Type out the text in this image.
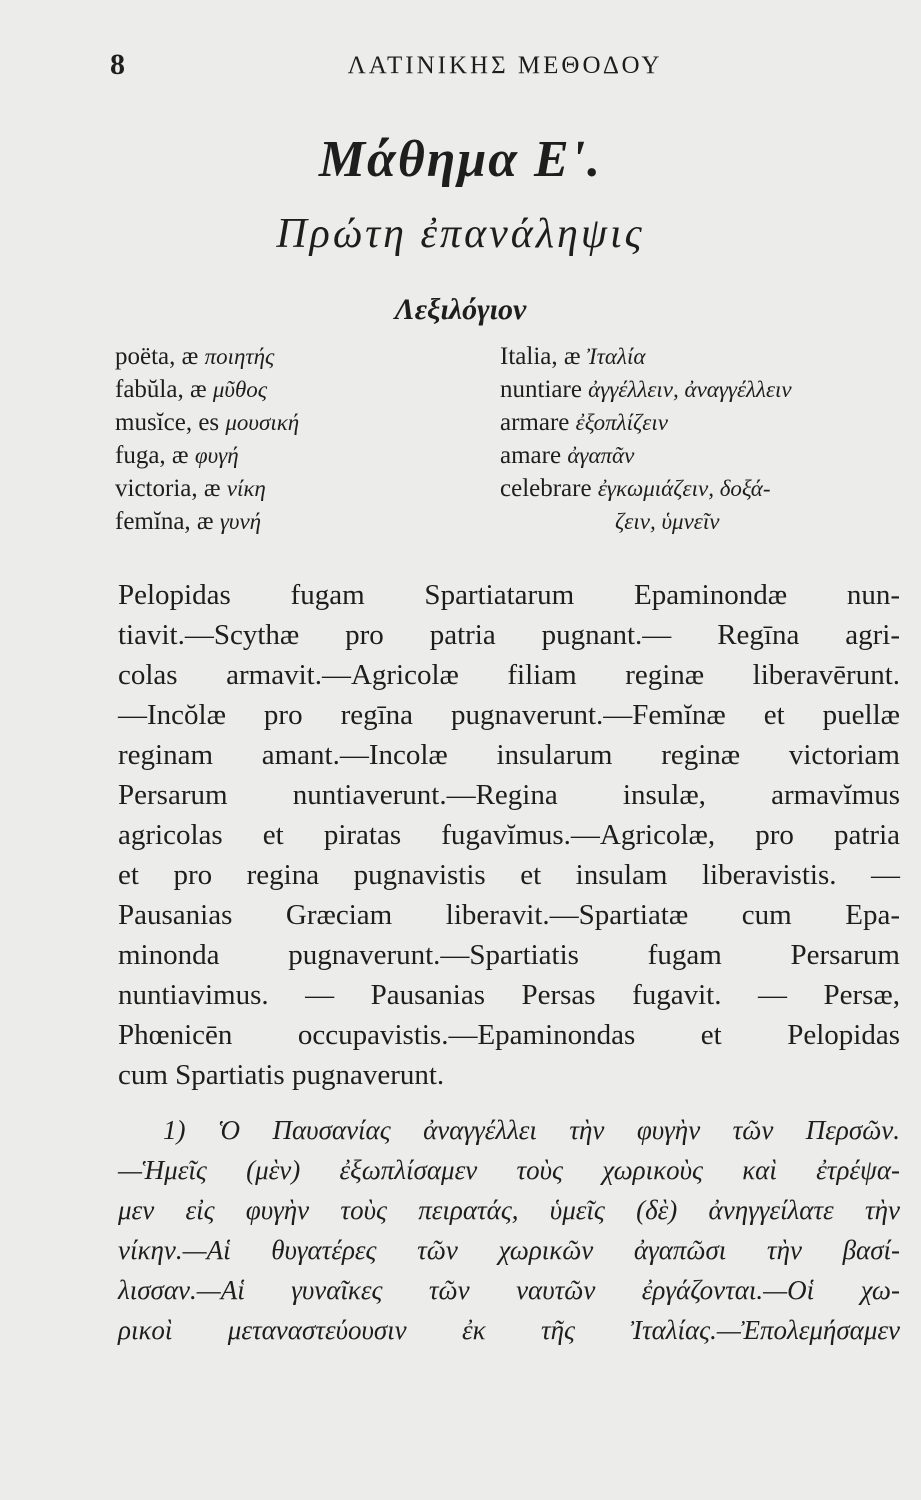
8	ΛΑΤΙΝΙΚΗΣ ΜΕΘΟΔΟΥ
Μάθημα Ε'.
Πρώτη ἐπανάληψις
Λεξιλόγιον
poëta, æ ποιητής
fabŭla, æ μῦθος
musĭce, es μουσική
fuga, æ φυγή
victoria, æ νίκη
femĭna, æ γυνή
Italia, æ Ἰταλία
nuntiare ἀγγέλλειν, ἀναγγέλλειν
armare ἐξοπλίζειν
amare ἀγαπᾶν
celebrare ἐγκωμιάζειν, δοξά-
ζειν, ὑμνεῖν
Pelopidas fugam Spartiatarum Epaminondæ nun-
tiavit.—Scythæ pro patria pugnant.— Regīna agri-
colas armavit.—Agricolæ filiam reginæ liberavērunt.
—Incŏlæ pro regīna pugnaverunt.—Femĭnæ et puellæ
reginam amant.—Incolæ insularum reginæ victoriam
Persarum nuntiaverunt.—Regina insulæ, armavĭmus
agricolas et piratas fugavĭmus.—Agricolæ, pro patria
et pro regina pugnavistis et insulam liberavistis. —
Pausanias Græciam liberavit.—Spartiatæ cum Epa-
minonda pugnaverunt.—Spartiatis fugam Persarum
nuntiavimus. — Pausanias Persas fugavit. — Persæ,
Phœnicēn occupavistis.—Epaminondas et Pelopidas
cum Spartiatis pugnaverunt.
1) Ὁ Παυσανίας ἀναγγέλλει τὴν φυγὴν τῶν Περσῶν.
—Ἡμεῖς (μὲν) ἐξωπλίσαμεν τοὺς χωρικοὺς καὶ ἐτρέψα-
μεν εἰς φυγὴν τοὺς πειρατάς, ὑμεῖς (δὲ) ἀνηγγείλατε τὴν
νίκην.—Αἱ θυγατέρες τῶν χωρικῶν ἀγαπῶσι τὴν βασί-
λισσαν.—Αἱ γυναῖκες τῶν ναυτῶν ἐργάζονται.—Οἱ χω-
ρικοὶ μεταναστεύουσιν ἐκ τῆς Ἰταλίας.—Ἐπολεμήσαμεν
